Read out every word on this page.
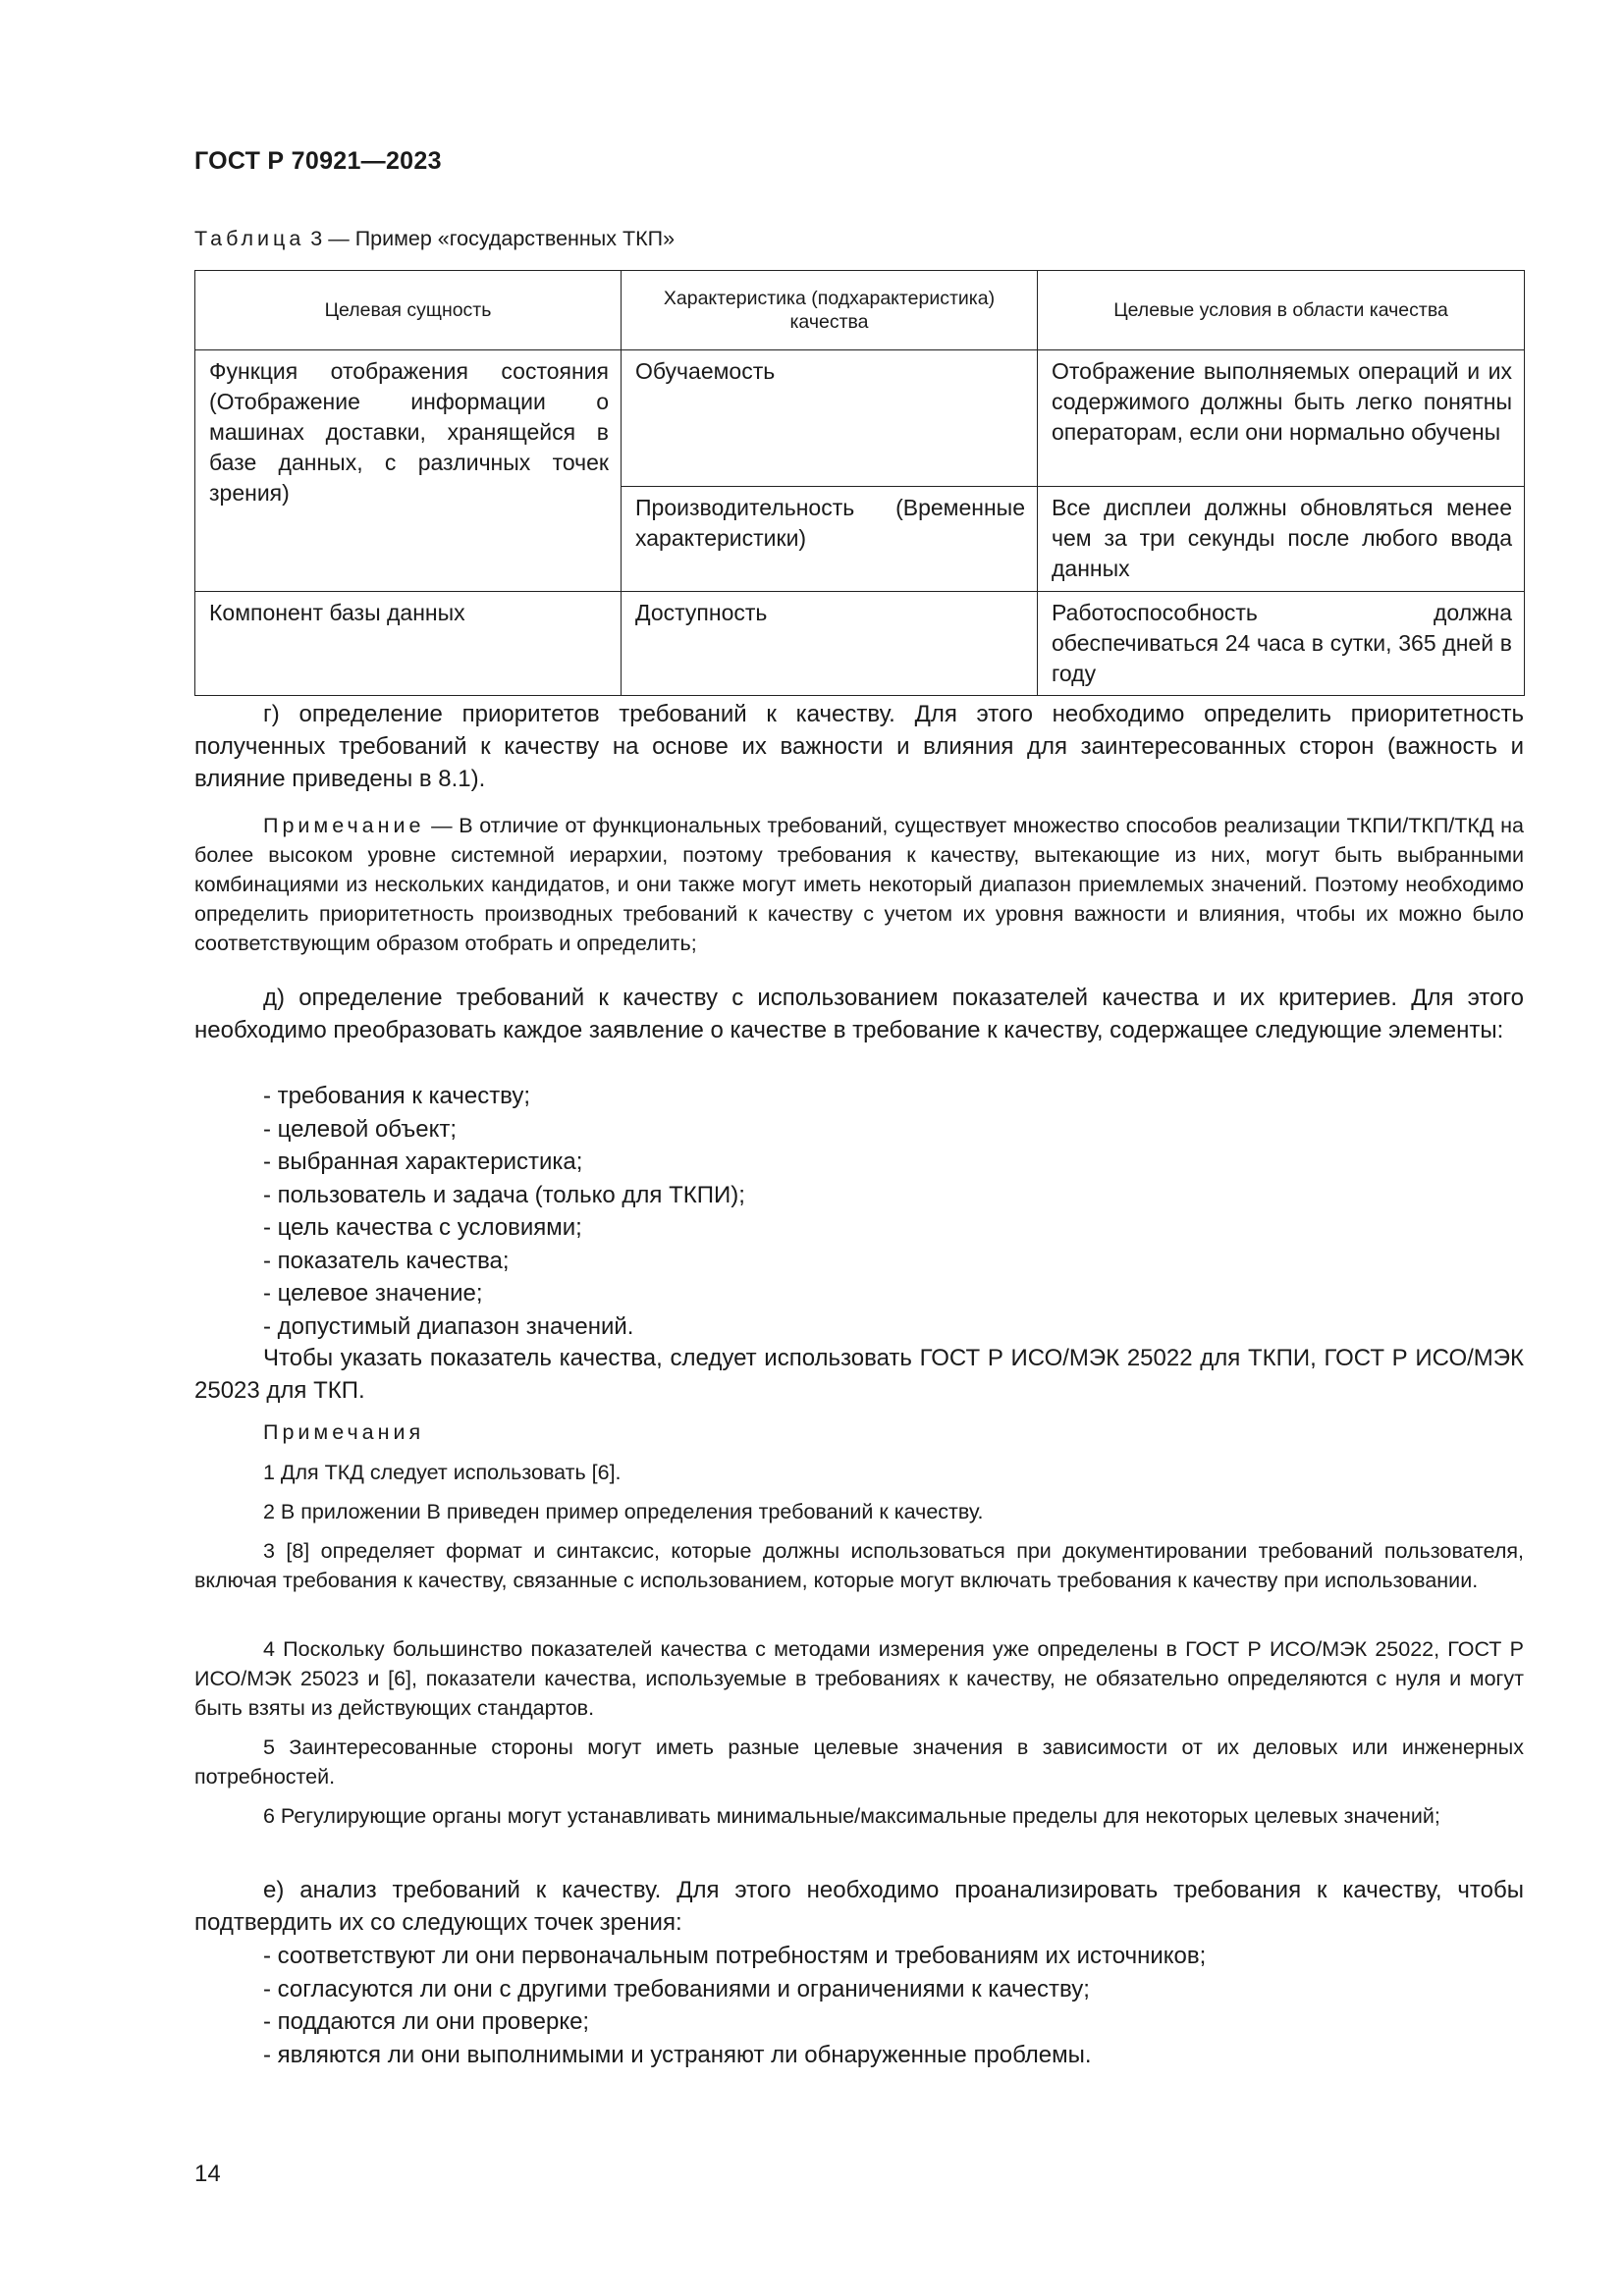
ГОСТ Р 70921—2023
Таблица 3 — Пример «государственных ТКП»
Целевая сущность	Характеристика (подхарактеристика) качества	Целевые условия в области качества
Функция отображения состояния (Отображение информации о машинах доставки, хранящейся в базе данных, с различных точек зрения)	Обучаемость	Отображение выполняемых операций и их содержимого должны быть легко понятны операторам, если они нормально обучены
	Производительность (Временные характеристики)	Все дисплеи должны обновляться менее чем за три секунды после любого ввода данных
Компонент базы данных	Доступность	Работоспособность должна обеспечиваться 24 часа в сутки, 365 дней в году
г) определение приоритетов требований к качеству. Для этого необходимо определить приоритетность полученных требований к качеству на основе их важности и влияния для заинтересованных сторон (важность и влияние приведены в 8.1).
Примечание — В отличие от функциональных требований, существует множество способов реализации ТКПИ/ТКП/ТКД на более высоком уровне системной иерархии, поэтому требования к качеству, вытекающие из них, могут быть выбранными комбинациями из нескольких кандидатов, и они также могут иметь некоторый диапазон приемлемых значений. Поэтому необходимо определить приоритетность производных требований к качеству с учетом их уровня важности и влияния, чтобы их можно было соответствующим образом отобрать и определить;
д) определение требований к качеству с использованием показателей качества и их критериев. Для этого необходимо преобразовать каждое заявление о качестве в требование к качеству, содержащее следующие элементы:
- требования к качеству;
- целевой объект;
- выбранная характеристика;
- пользователь и задача (только для ТКПИ);
- цель качества с условиями;
- показатель качества;
- целевое значение;
- допустимый диапазон значений.
Чтобы указать показатель качества, следует использовать ГОСТ Р ИСО/МЭК 25022 для ТКПИ, ГОСТ Р ИСО/МЭК 25023 для ТКП.
Примечания
1 Для ТКД следует использовать [6].
2 В приложении В приведен пример определения требований к качеству.
3 [8] определяет формат и синтаксис, которые должны использоваться при документировании требований пользователя, включая требования к качеству, связанные с использованием, которые могут включать требования к качеству при использовании.
4 Поскольку большинство показателей качества с методами измерения уже определены в ГОСТ Р ИСО/МЭК 25022, ГОСТ Р ИСО/МЭК 25023 и [6], показатели качества, используемые в требованиях к качеству, не обязательно определяются с нуля и могут быть взяты из действующих стандартов.
5 Заинтересованные стороны могут иметь разные целевые значения в зависимости от их деловых или инженерных потребностей.
6 Регулирующие органы могут устанавливать минимальные/максимальные пределы для некоторых целевых значений;
е) анализ требований к качеству. Для этого необходимо проанализировать требования к качеству, чтобы подтвердить их со следующих точек зрения:
- соответствуют ли они первоначальным потребностям и требованиям их источников;
- согласуются ли они с другими требованиями и ограничениями к качеству;
- поддаются ли они проверке;
- являются ли они выполнимыми и устраняют ли обнаруженные проблемы.
14
